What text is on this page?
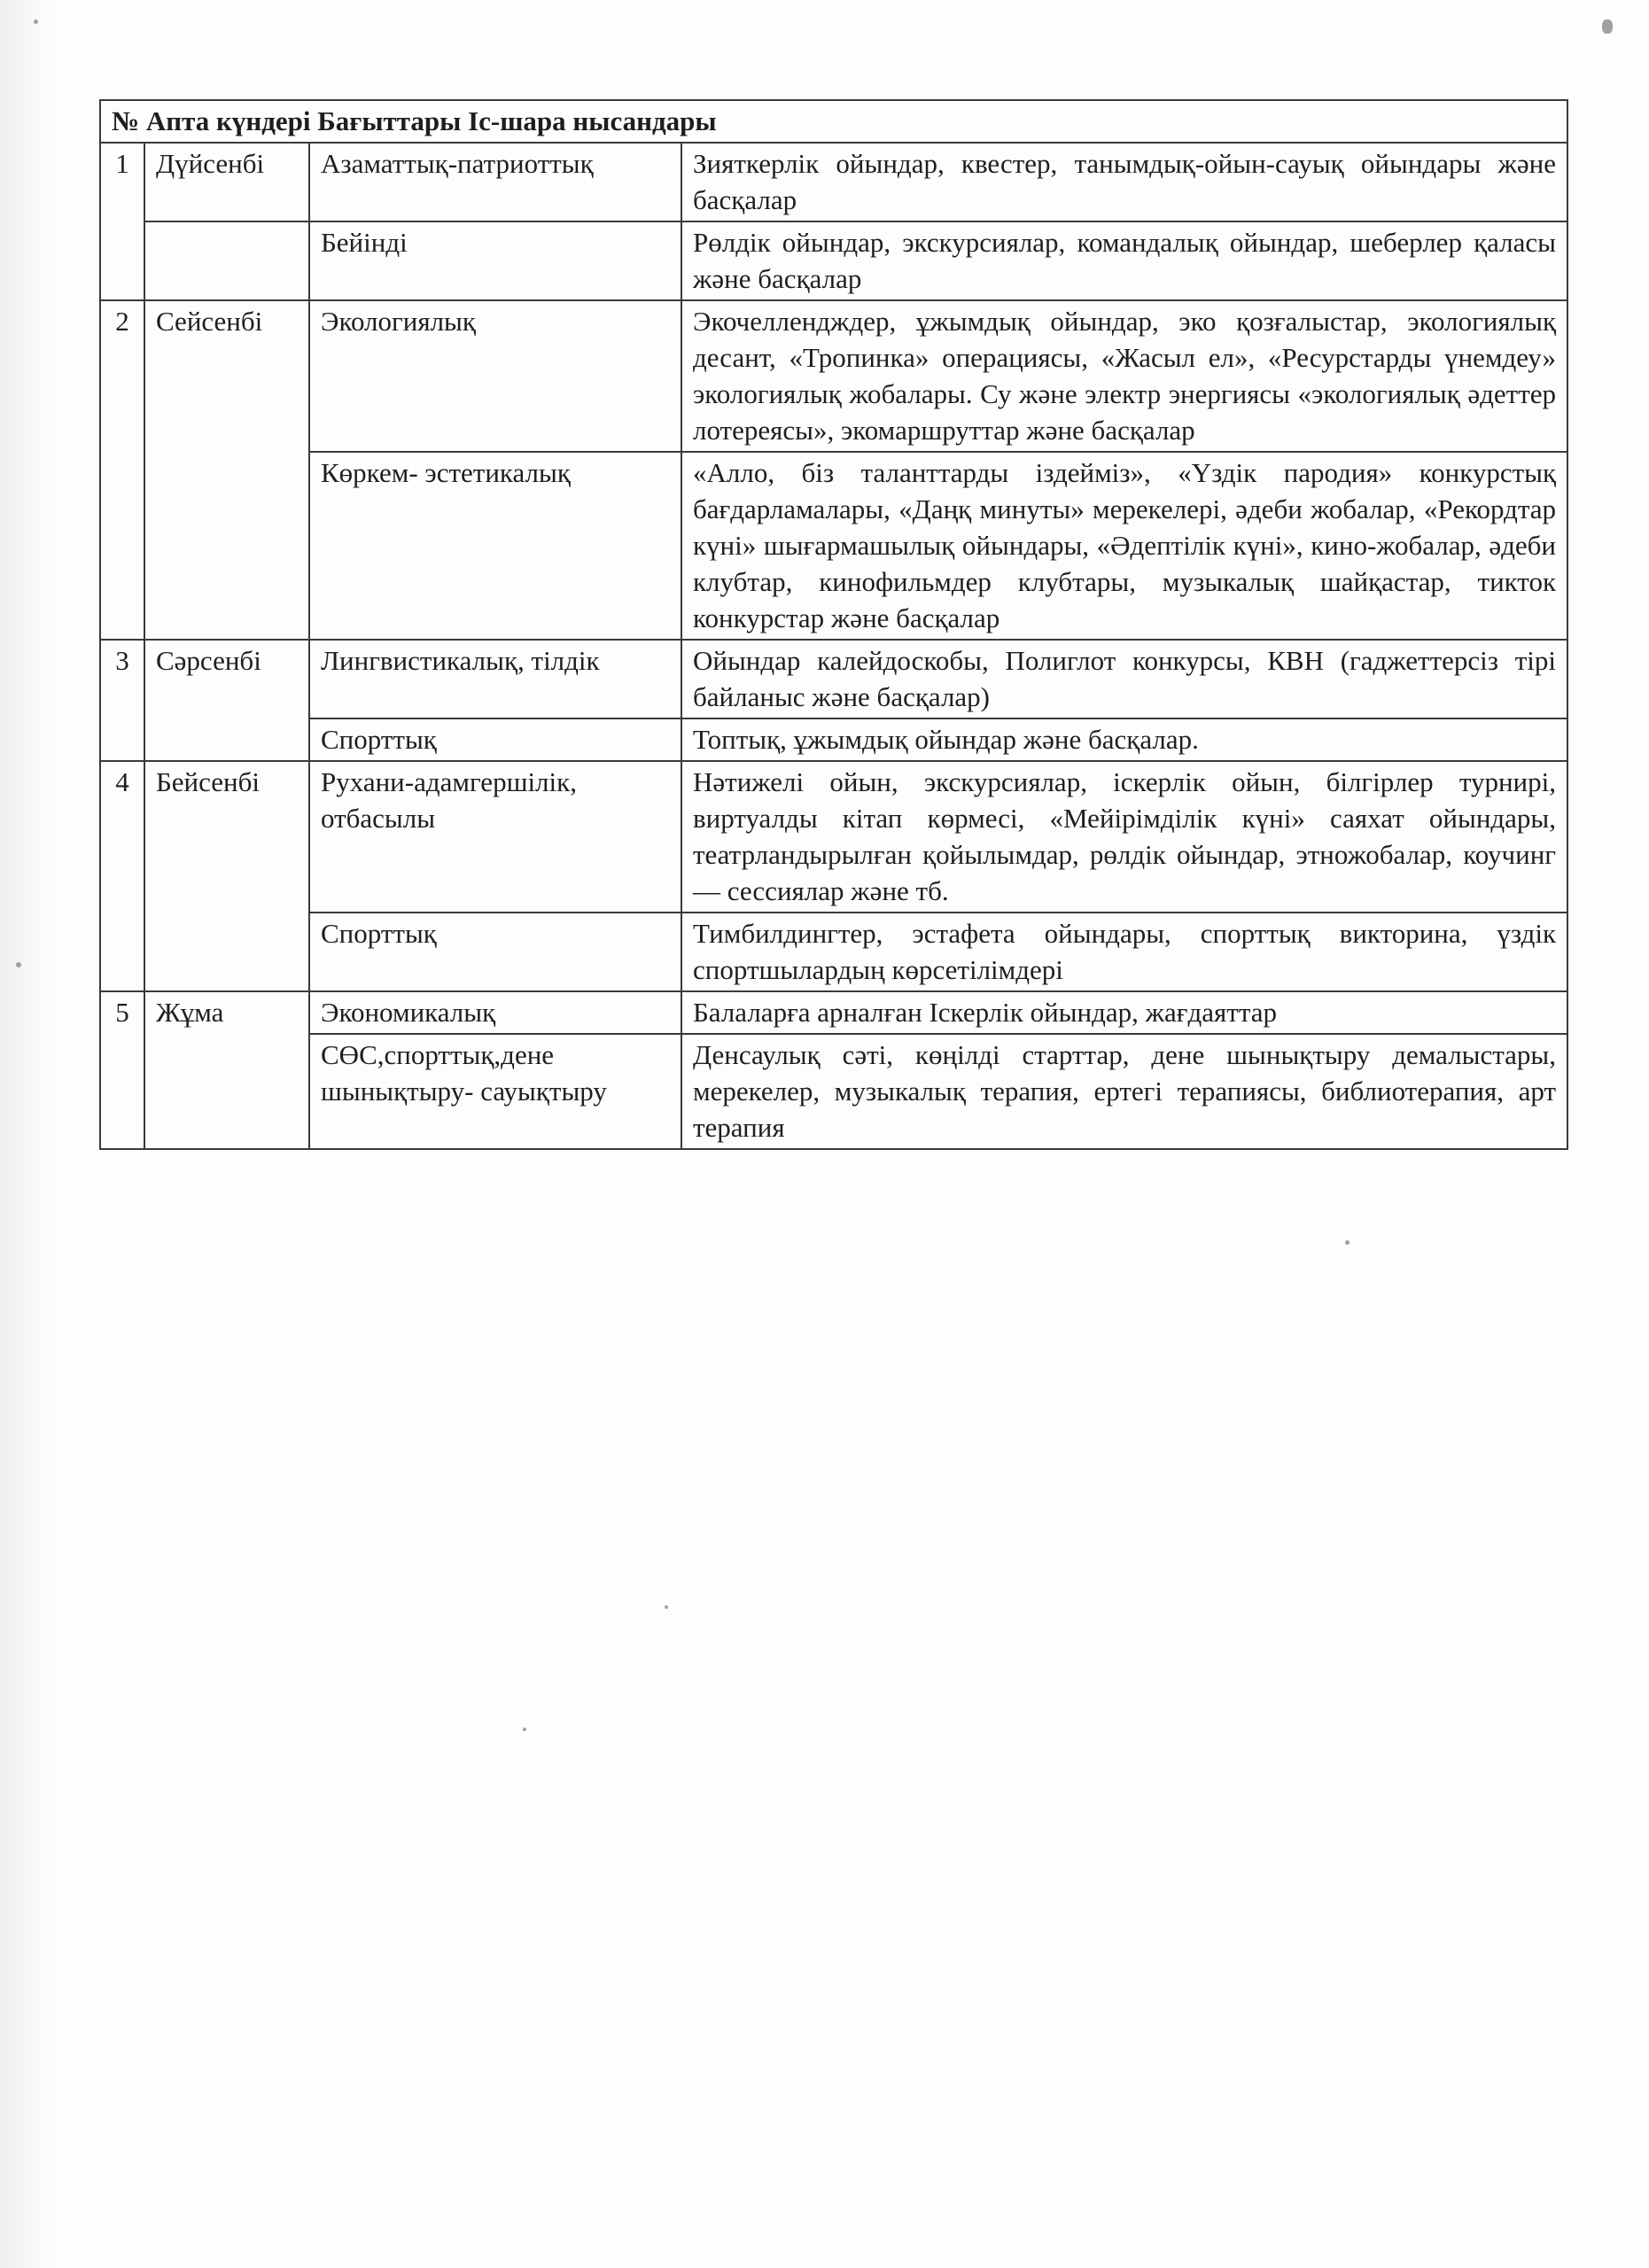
№ Апта күндері Бағыттары Іс-шара нысандары			
1	Дүйсенбі	Азаматтық-патриоттық	Зияткерлік ойындар, квестер, танымдық-ойын-сауық ойындары және басқалар
		Бейінді	Рөлдік ойындар, экскурсиялар, командалық ойындар, шеберлер қаласы және басқалар
2	Сейсенбі	Экологиялық	Экочеллендждер, ұжымдық ойындар, эко қозғалыстар, экологиялық десант, «Тропинка» операциясы, «Жасыл ел», «Ресурстарды үнемдеу» экологиялық жобалары. Су және электр энергиясы «экологиялық әдеттер лотереясы», экомаршруттар және басқалар
		Көркем- эстетикалық	«Алло, біз таланттарды іздейміз», «Үздік пародия» конкурстық бағдарламалары, «Даңқ минуты» мерекелері, әдеби жобалар, «Рекордтар күні» шығармашылық ойындары, «Әдептілік күні», кино-жобалар, әдеби клубтар, кинофильмдер клубтары, музыкалық шайқастар, тикток конкурстар және басқалар
3	Сәрсенбі	Лингвистикалық, тілдік	Ойындар калейдоскобы, Полиглот конкурсы, КВН (гаджеттерсіз тірі байланыс және басқалар)
		Спорттық	Топтық, ұжымдық ойындар және басқалар.
4	Бейсенбі	Рухани-адамгершілік, отбасылы	Нәтижелі ойын, экскурсиялар, іскерлік ойын, білгірлер турнирі, виртуалды кітап көрмесі, «Мейірімділік күні» саяхат ойындары, театрландырылған қойылымдар, рөлдік ойындар, этножобалар, коучинг — сессиялар және тб.
		Спорттық	Тимбилдингтер, эстафета ойындары, спорттық викторина, үздік спортшылардың көрсетілімдері
5	Жұма	Экономикалық	Балаларға арналған Іскерлік ойындар, жағдаяттар
		СӨС,спорттық,дене шынықтыру- сауықтыру	Денсаулық сәті, көңілді старттар, дене шынықтыру демалыстары, мерекелер, музыкалық терапия, ертегі терапиясы, библиотерапия, арт терапия
